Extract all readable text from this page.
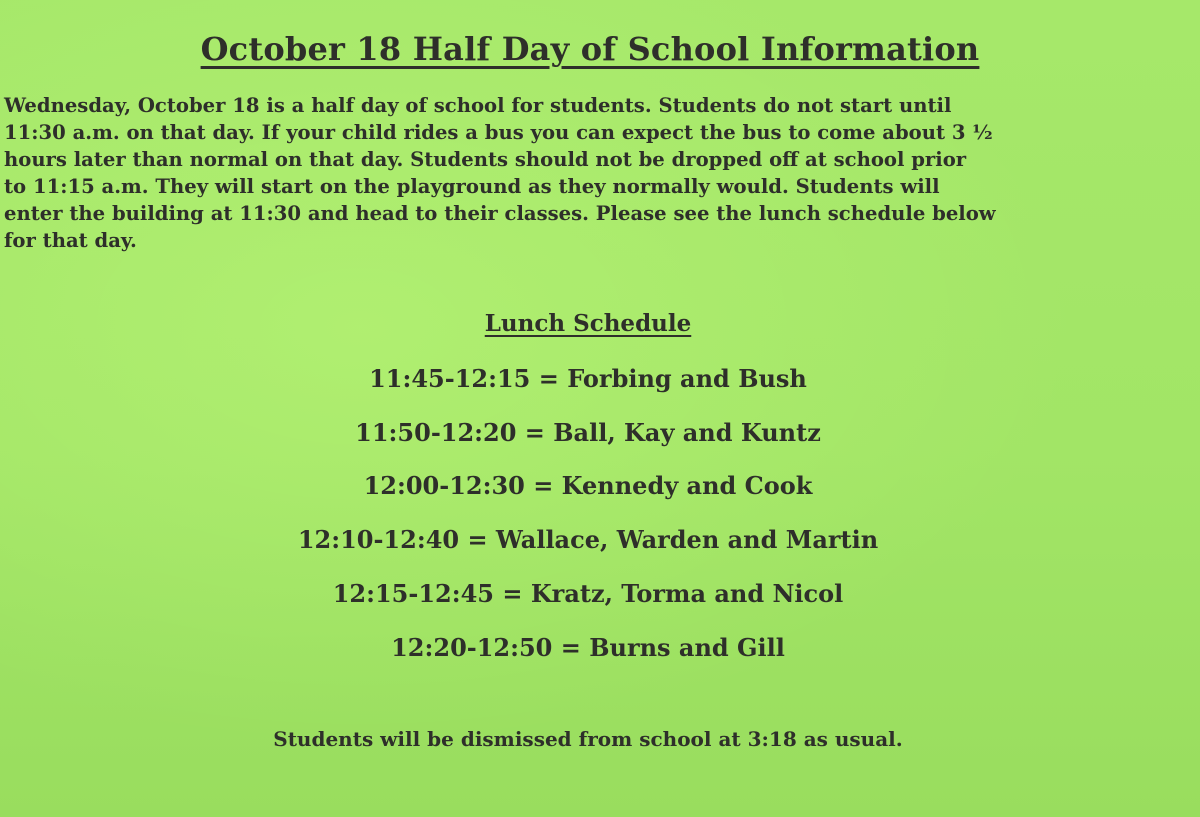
October 18 Half Day of School Information
Wednesday, October 18 is a half day of school for students. Students do not start until
11:30 a.m. on that day. If your child rides a bus you can expect the bus to come about 3 ½
hours later than normal on that day. Students should not be dropped off at school prior
to 11:15 a.m. They will start on the playground as they normally would. Students will
enter the building at 11:30 and head to their classes. Please see the lunch schedule below
for that day.
Lunch Schedule
11:45-12:15 = Forbing and Bush
11:50-12:20 = Ball, Kay and Kuntz
12:00-12:30 = Kennedy and Cook
12:10-12:40 = Wallace, Warden and Martin
12:15-12:45 = Kratz, Torma and Nicol
12:20-12:50 = Burns and Gill
Students will be dismissed from school at 3:18 as usual.
